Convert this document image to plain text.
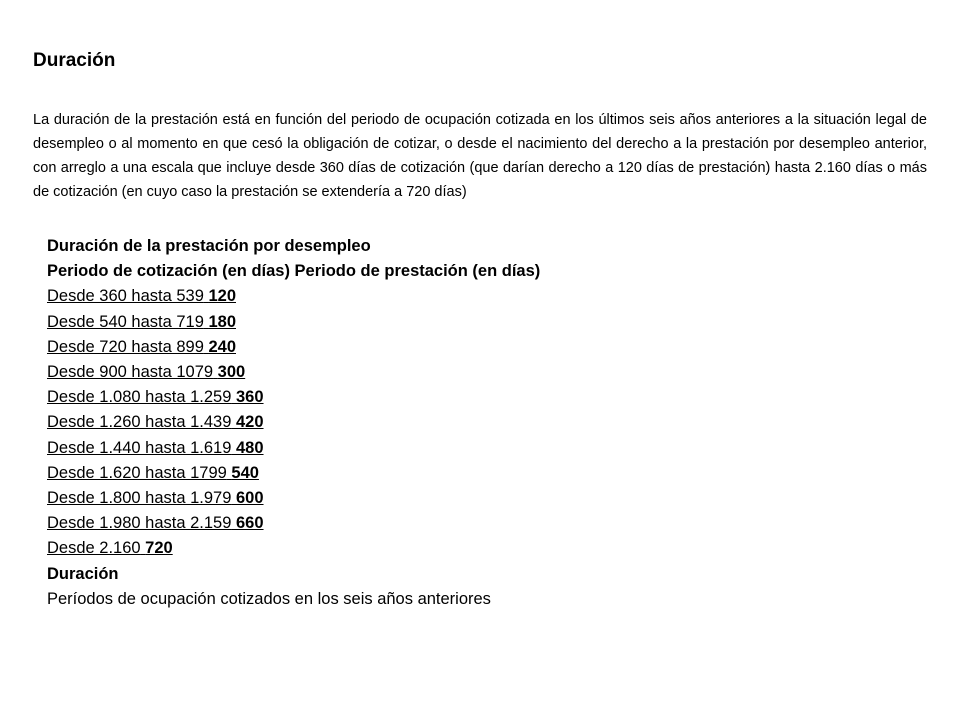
Duración

La duración de la prestación está en función del periodo de ocupación cotizada en los últimos seis años anteriores a la situación legal de desempleo o al momento en que cesó la obligación de cotizar, o desde el nacimiento del derecho a la prestación por desempleo anterior, con arreglo a una escala que incluye desde 360 días de cotización (que darían derecho a 120 días de prestación) hasta 2.160 días o más de cotización (en cuyo caso la prestación se extendería a 720 días)

Duración de la prestación por desempleo
Periodo de cotización (en días) Periodo de prestación (en días)
Desde 360 hasta 539 120
Desde 540 hasta 719 180
Desde 720 hasta 899 240
Desde 900 hasta 1079 300
Desde 1.080 hasta 1.259 360
Desde 1.260 hasta 1.439 420
Desde 1.440 hasta 1.619 480
Desde 1.620 hasta 1799 540
Desde 1.800 hasta 1.979 600
Desde 1.980 hasta 2.159 660
Desde 2.160 720
Duración
Períodos de ocupación cotizados en los seis años anteriores
